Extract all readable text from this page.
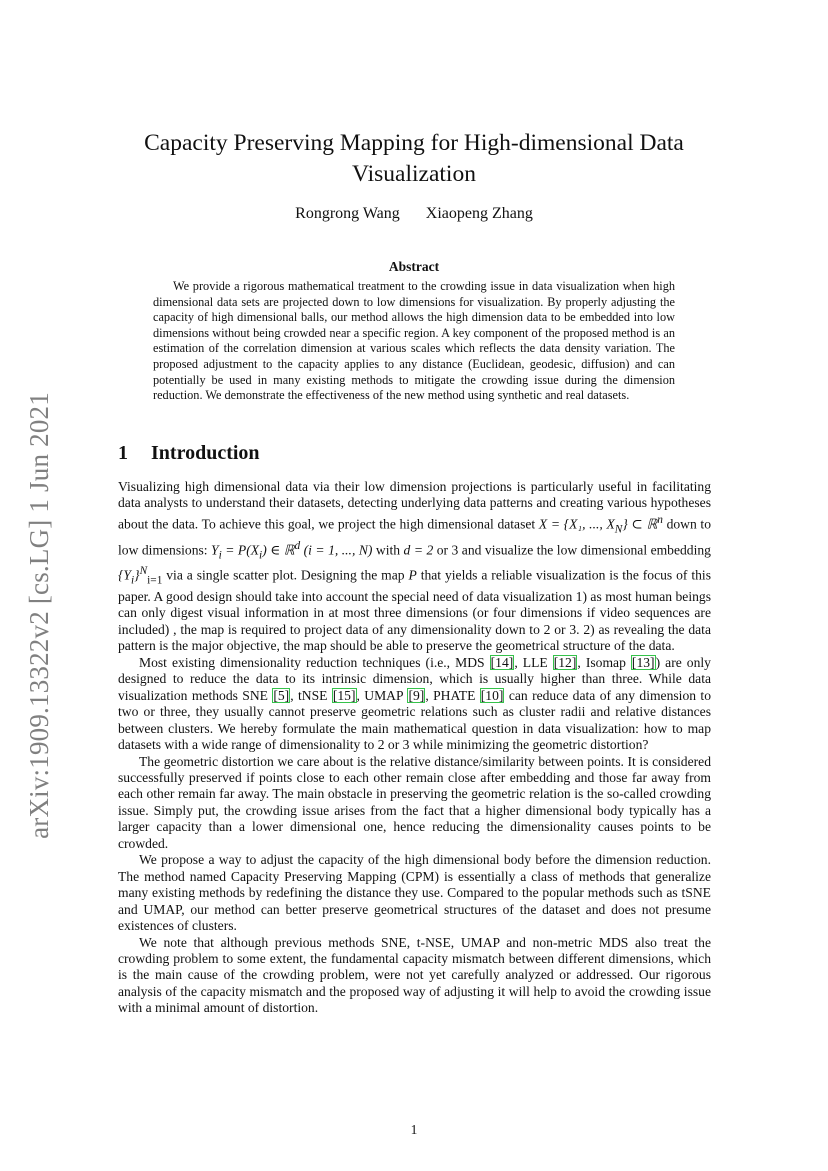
arXiv:1909.13322v2 [cs.LG] 1 Jun 2021
Capacity Preserving Mapping for High-dimensional Data
Visualization
Rongrong Wang Xiaopeng Zhang
Abstract
We provide a rigorous mathematical treatment to the crowding issue in data visualization when high dimensional data sets are projected down to low dimensions for visualization. By properly adjusting the capacity of high dimensional balls, our method allows the high dimension data to be embedded into low dimensions without being crowded near a specific region. A key component of the proposed method is an estimation of the correlation dimension at various scales which reflects the data density variation. The proposed adjustment to the capacity applies to any distance (Euclidean, geodesic, diffusion) and can potentially be used in many existing methods to mitigate the crowding issue during the dimension reduction. We demonstrate the effectiveness of the new method using synthetic and real datasets.
1 Introduction

Visualizing high dimensional data via their low dimension projections is particularly useful in facilitating data analysts to understand their datasets, detecting underlying data patterns and creating various hypotheses about the data. To achieve this goal, we project the high dimensional dataset X = {X₁, ..., $X_N$} ⊂ ℝ$^n$ down to low dimensions: $Y_i = P(X_i)$ ∈ ℝ$^d$ (i = 1, ..., N) with d = 2 or 3 and visualize the low dimensional embedding $\{Y_i\}^N_{i=1}$ via a single scatter plot. Designing the map P that yields a reliable visualization is the focus of this paper. A good design should take into account the special need of data visualization 1) as most human beings can only digest visual information in at most three dimensions (or four dimensions if video sequences are included) , the map is required to project data of any dimensionality down to 2 or 3. 2) as revealing the data pattern is the major objective, the map should be able to preserve the geometrical structure of the data.

Most existing dimensionality reduction techniques (i.e., MDS [14], LLE [12], Isomap [13]) are only designed to reduce the data to its intrinsic dimension, which is usually higher than three. While data visualization methods SNE [5], tNSE [15], UMAP [9], PHATE [10] can reduce data of any dimension to two or three, they usually cannot preserve geometric relations such as cluster radii and relative distances between clusters. We hereby formulate the main mathematical question in data visualization: how to map datasets with a wide range of dimensionality to 2 or 3 while minimizing the geometric distortion?

The geometric distortion we care about is the relative distance/similarity between points. It is considered successfully preserved if points close to each other remain close after embedding and those far away from each other remain far away. The main obstacle in preserving the geometric relation is the so-called crowding issue. Simply put, the crowding issue arises from the fact that a higher dimensional body typically has a larger capacity than a lower dimensional one, hence reducing the dimensionality causes points to be crowded.

We propose a way to adjust the capacity of the high dimensional body before the dimension reduction. The method named Capacity Preserving Mapping (CPM) is essentially a class of methods that generalize many existing methods by redefining the distance they use. Compared to the popular methods such as tSNE and UMAP, our method can better preserve geometrical structures of the dataset and does not presume existences of clusters.

We note that although previous methods SNE, t-NSE, UMAP and non-metric MDS also treat the crowding problem to some extent, the fundamental capacity mismatch between different dimensions, which is the main cause of the crowding problem, were not yet carefully analyzed or addressed. Our rigorous analysis of the capacity mismatch and the proposed way of adjusting it will help to avoid the crowding issue with a minimal amount of distortion.

1
